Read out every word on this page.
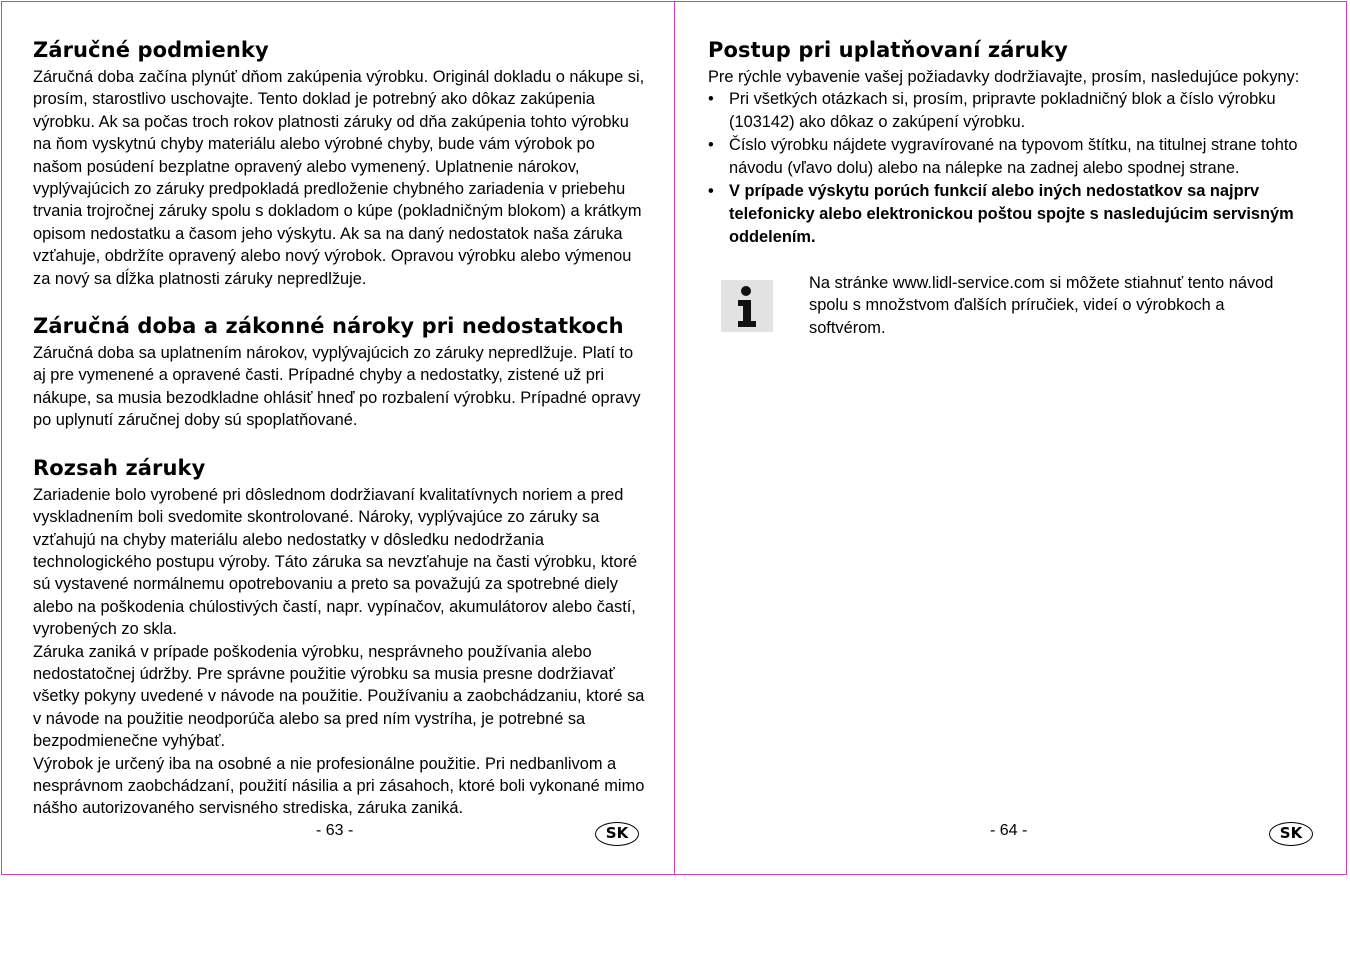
Záručné podmienky

Záručná doba začína plynúť dňom zakúpenia výrobku. Originál dokladu o nákupe si, prosím, starostlivo uschovajte. Tento doklad je potrebný ako dôkaz zakúpenia výrobku. Ak sa počas troch rokov platnosti záruky od dňa zakúpenia tohto výrobku na ňom vyskytnú chyby materiálu alebo výrobné chyby, bude vám výrobok po našom posúdení bezplatne opravený alebo vymenený. Uplatnenie nárokov, vyplývajúcich zo záruky predpokladá predloženie chybného zariadenia v priebehu trvania trojročnej záruky spolu s dokladom o kúpe (pokladničným blokom) a krátkym opisom nedostatku a časom jeho výskytu. Ak sa na daný nedostatok naša záruka vzťahuje, obdržíte opravený alebo nový výrobok. Opravou výrobku alebo výmenou za nový sa dĺžka platnosti záruky nepredlžuje.

Záručná doba a zákonné nároky pri nedostatkoch

Záručná doba sa uplatnením nárokov, vyplývajúcich zo záruky nepredlžuje. Platí to aj pre vymenené a opravené časti. Prípadné chyby a nedostatky, zistené už pri nákupe, sa musia bezodkladne ohlásiť hneď po rozbalení výrobku. Prípadné opravy po uplynutí záručnej doby sú spoplatňované.

Rozsah záruky

Zariadenie bolo vyrobené pri dôslednom dodržiavaní kvalitatívnych noriem a pred vyskladnením boli svedomite skontrolované. Nároky, vyplývajúce zo záruky sa vzťahujú na chyby materiálu alebo nedostatky v dôsledku nedodržania technologického postupu výroby. Táto záruka sa nevzťahuje na časti výrobku, ktoré sú vystavené normálnemu opotrebovaniu a preto sa považujú za spotrebné diely alebo na poškodenia chúlostivých častí, napr. vypínačov, akumulátorov alebo častí, vyrobených zo skla.

Záruka zaniká v prípade poškodenia výrobku, nesprávneho používania alebo nedostatočnej údržby. Pre správne použitie výrobku sa musia presne dodržiavať všetky pokyny uvedené v návode na použitie. Používaniu a zaobchádzaniu, ktoré sa v návode na použitie neodporúča alebo sa pred ním vystríha, je potrebné sa bezpodmienečne vyhýbať.

Výrobok je určený iba na osobné a nie profesionálne použitie. Pri nedbanlivom a nesprávnom zaobchádzaní, použití násilia a pri zásahoch, ktoré boli vykonané mimo nášho autorizovaného servisného strediska, záruka zaniká.

- 63 -	SK
Postup pri uplatňovaní záruky

Pre rýchle vybavenie vašej požiadavky dodržiavajte, prosím, nasledujúce pokyny:

• Pri všetkých otázkach si, prosím, pripravte pokladničný blok a číslo výrobku (103142) ako dôkaz o zakúpení výrobku.
• Číslo výrobku nájdete vygravírované na typovom štítku, na titulnej strane tohto návodu (vľavo dolu) alebo na nálepke na zadnej alebo spodnej strane.
• V prípade výskytu porúch funkcií alebo iných nedostatkov sa najprv telefonicky alebo elektronickou poštou spojte s nasledujúcim servisným oddelením.

Na stránke www.lidl-service.com si môžete stiahnuť tento návod spolu s množstvom ďalších príručiek, videí o výrobkoch a softvérom.

- 64 -	SK
